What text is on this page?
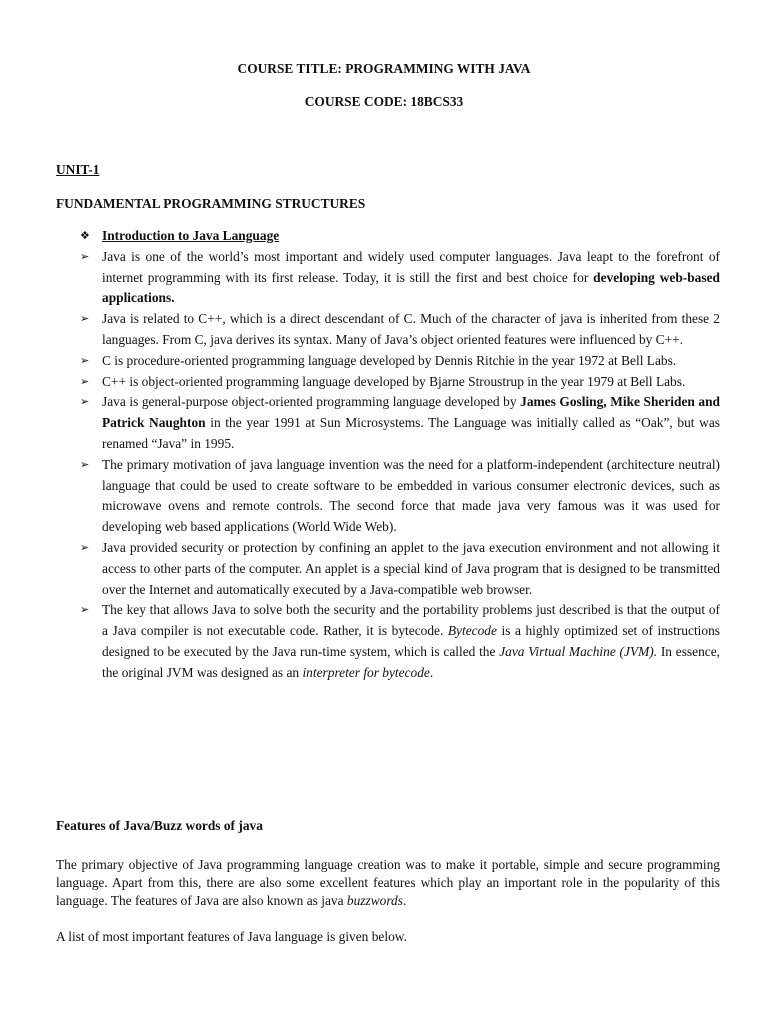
COURSE TITLE: PROGRAMMING WITH JAVA
COURSE CODE: 18BCS33
UNIT-1
FUNDAMENTAL PROGRAMMING STRUCTURES
❖ Introduction to Java Language
➢ Java is one of the world’s most important and widely used computer languages. Java leapt to the forefront of internet programming with its first release. Today, it is still the first and best choice for developing web-based applications.
➢ Java is related to C++, which is a direct descendant of C. Much of the character of java is inherited from these 2 languages. From C, java derives its syntax. Many of Java’s object oriented features were influenced by C++.
➢ C is procedure-oriented programming language developed by Dennis Ritchie in the year 1972 at Bell Labs.
➢ C++ is object-oriented programming language developed by Bjarne Stroustrup in the year 1979 at Bell Labs.
➢ Java is general-purpose object-oriented programming language developed by James Gosling, Mike Sheriden and Patrick Naughton in the year 1991 at Sun Microsystems. The Language was initially called as “Oak”, but was renamed “Java” in 1995.
➢ The primary motivation of java language invention was the need for a platform-independent (architecture neutral) language that could be used to create software to be embedded in various consumer electronic devices, such as microwave ovens and remote controls. The second force that made java very famous was it was used for developing web based applications (World Wide Web).
➢ Java provided security or protection by confining an applet to the java execution environment and not allowing it access to other parts of the computer. An applet is a special kind of Java program that is designed to be transmitted over the Internet and automatically executed by a Java-compatible web browser.
➢ The key that allows Java to solve both the security and the portability problems just described is that the output of a Java compiler is not executable code. Rather, it is bytecode. Bytecode is a highly optimized set of instructions designed to be executed by the Java run-time system, which is called the Java Virtual Machine (JVM). In essence, the original JVM was designed as an interpreter for bytecode.
Features of Java/Buzz words of java
The primary objective of Java programming language creation was to make it portable, simple and secure programming language. Apart from this, there are also some excellent features which play an important role in the popularity of this language. The features of Java are also known as java buzzwords.
A list of most important features of Java language is given below.
